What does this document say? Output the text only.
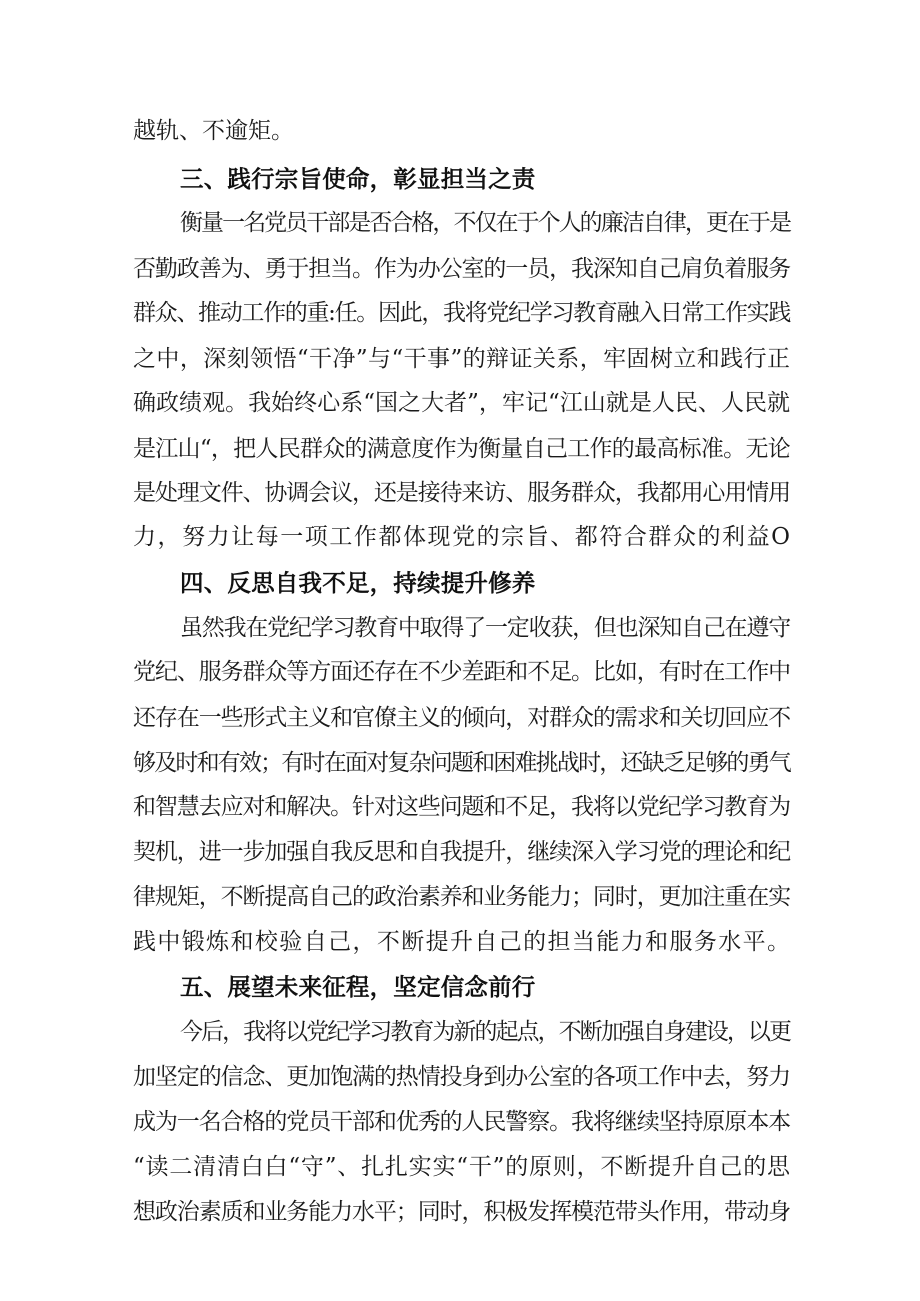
越轨、不逾矩。
三、践行宗旨使命，彰显担当之责
衡量一名党员干部是否合格，不仅在于个人的廉洁自律，更在于是
否勤政善为、勇于担当。作为办公室的一员，我深知自己肩负着服务
群众、推动工作的重:任。因此，我将党纪学习教育融入日常工作实践
之中，深刻领悟“干净”与“干事”的辩证关系，牢固树立和践行正
确政绩观。我始终心系“国之大者”，牢记“江山就是人民、人民就
是江山“，把人民群众的满意度作为衡量自己工作的最高标准。无论
是处理文件、协调会议，还是接待来访、服务群众，我都用心用情用
力，努力让每一项工作都体现党的宗旨、都符合群众的利益O
四、反思自我不足，持续提升修养
虽然我在党纪学习教育中取得了一定收获，但也深知自己在遵守
党纪、服务群众等方面还存在不少差距和不足。比如，有时在工作中
还存在一些形式主义和官僚主义的倾向，对群众的需求和关切回应不
够及时和有效；有时在面对复杂问题和困难挑战时，还缺乏足够的勇气
和智慧去应对和解决。针对这些问题和不足，我将以党纪学习教育为
契机，进一步加强自我反思和自我提升，继续深入学习党的理论和纪
律规矩，不断提高自己的政治素养和业务能力；同时，更加注重在实
践中锻炼和校验自己，不断提升自己的担当能力和服务水平。
五、展望未来征程，坚定信念前行
今后，我将以党纪学习教育为新的起点，不断加强自身建设，以更
加坚定的信念、更加饱满的热情投身到办公室的各项工作中去，努力
成为一名合格的党员干部和优秀的人民警察。我将继续坚持原原本本
“读二清清白白“守”、扎扎实实“干”的原则，不断提升自己的思
想政治素质和业务能力水平；同时，积极发挥模范带头作用，带动身
